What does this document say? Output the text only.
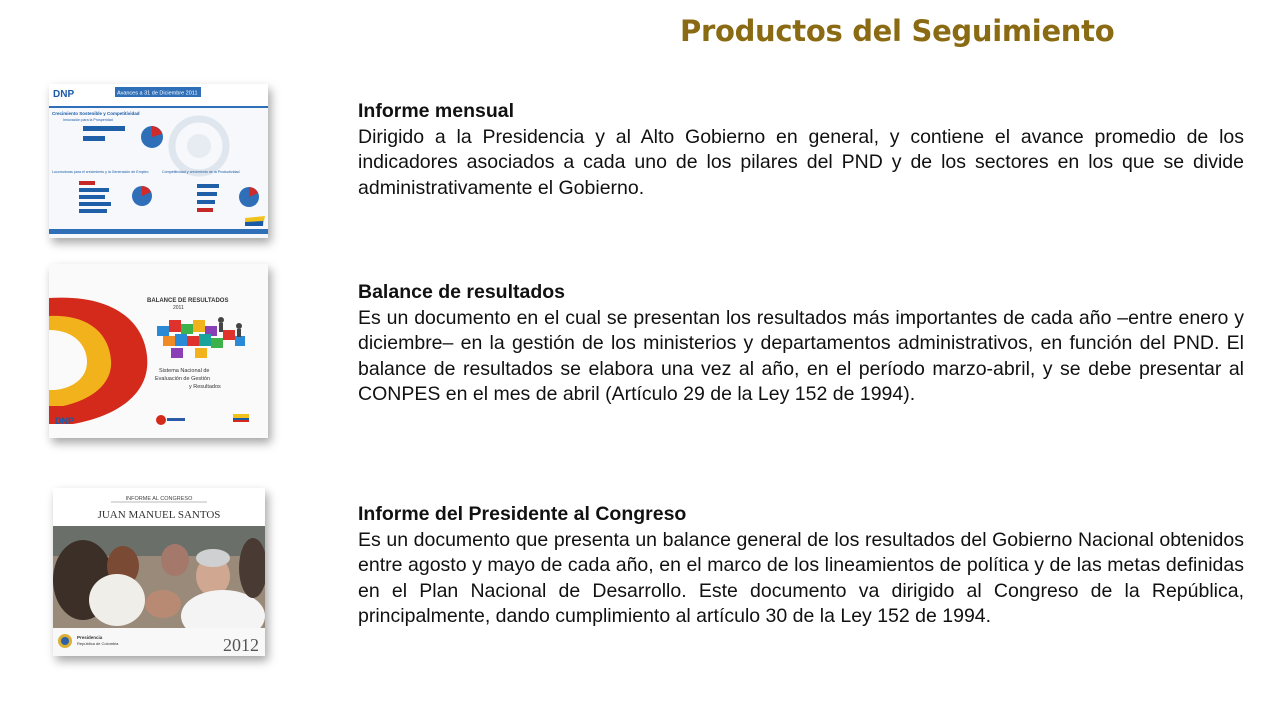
Productos del Seguimiento
DNP	Avances a 31 de Diciembre 2011
Crecimiento Sostenible y Competitividad
Innovación para la Prosperidad
Locomotoras para el crecimiento y la Generación de Empleo	Competitividad y crecimiento de la Productividad
BALANCE DE RESULTADOS
2011
Sistema Nacional de
Evaluación de Gestión
y Resultados
DNP
INFORME AL CONGRESO
JUAN MANUEL SANTOS
Presidencia
República de Colombia	2012
Informe mensual
Dirigido a la Presidencia y al Alto Gobierno en general, y contiene el avance promedio de los indicadores asociados a cada uno de los pilares del PND y de los sectores en los que se divide administrativamente el Gobierno.
Balance de resultados
Es un documento en el cual se presentan los resultados más importantes de cada año –entre enero y diciembre– en la gestión de los ministerios y departamentos administrativos, en función del PND. El balance de resultados se elabora una vez al año, en el período marzo-abril, y se debe presentar al CONPES en el mes de abril (Artículo 29 de la Ley 152 de 1994).
Informe del Presidente al Congreso
Es un documento que presenta un balance general de los resultados del Gobierno Nacional obtenidos entre agosto y mayo de cada año, en el marco de los lineamientos de política y de las metas definidas en el Plan Nacional de Desarrollo. Este documento va dirigido al Congreso de la República, principalmente, dando cumplimiento al artículo 30 de la Ley 152 de 1994.
